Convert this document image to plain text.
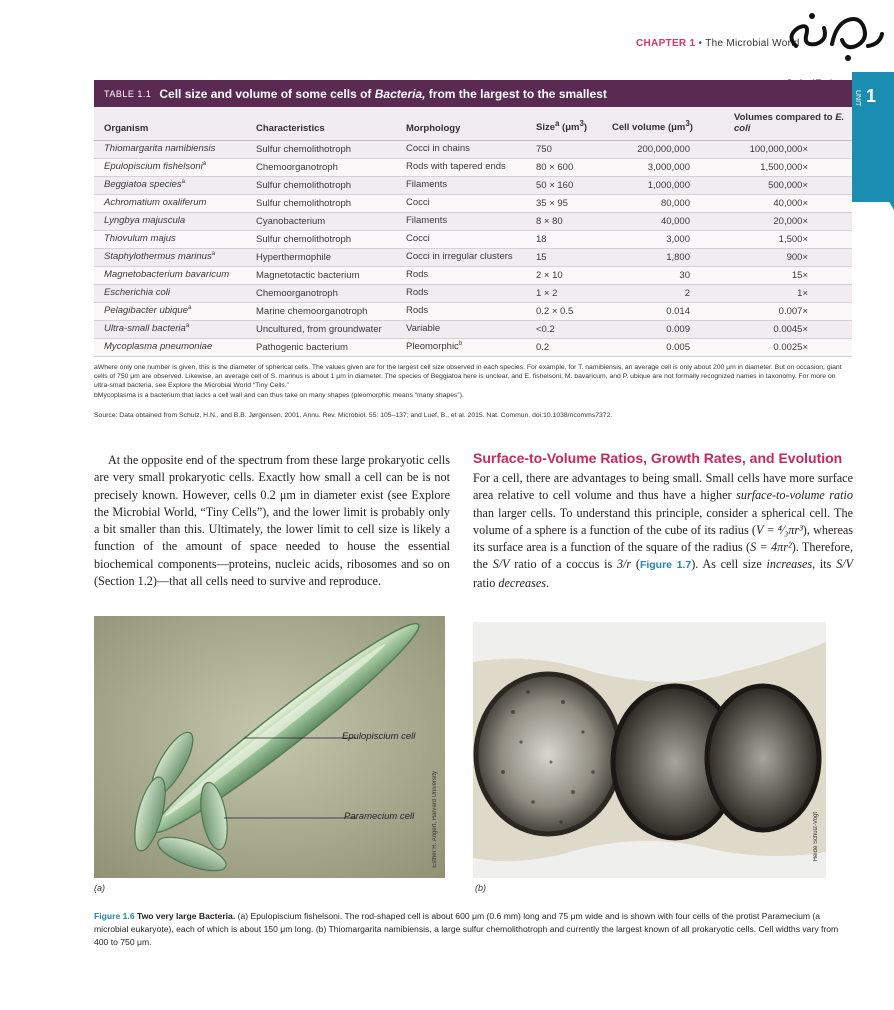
CHAPTER 1 • The Microbial World
UNIT 1
TABLE 1.1 Cell size and volume of some cells of Bacteria, from the largest to the smallest
Organism	Characteristics	Morphology	Size$^a$ $(\mu m^3)$	Cell volume $(\mu m^3)$	Volumes compared to E. coli
Thiomargarita namibiensis	Sulfur chemolithotroph	Cocci in chains	750	200,000,000	100,000,000×
Epulopiscium fishelsoni$^a$	Chemoorganotroph	Rods with tapered ends	80 × 600	3,000,000	1,500,000×
Beggiatoa species$^a$	Sulfur chemolithotroph	Filaments	50 × 160	1,000,000	500,000×
Achromatium oxaliferum	Sulfur chemolithotroph	Cocci	35 × 95	80,000	40,000×
Lyngbya majuscula	Cyanobacterium	Filaments	8 × 80	40,000	20,000×
Thiovulum majus	Sulfur chemolithotroph	Cocci	18	3,000	1,500×
Staphylothermus marinus$^a$	Hyperthermophile	Cocci in irregular clusters	15	1,800	900×
Magnetobacterium bavaricum	Magnetotactic bacterium	Rods	2 × 10	30	15×
Escherichia coli	Chemoorganotroph	Rods	1 × 2	2	1×
Pelagibacter ubique$^a$	Marine chemoorganotroph	Rods	0.2 × 0.5	0.014	0.007×
Ultra-small bacteria$^a$	Uncultured, from groundwater	Variable	<0.2	0.009	0.0045×
Mycoplasma pneumoniae	Pathogenic bacterium	Pleomorphic$^b$	0.2	0.005	0.0025×
aWhere only one number is given, this is the diameter of spherical cells. The values given are for the largest cell size observed in each species. For example, for T. namibiensis, an average cell is only about 200 μm in diameter. But on occasion, giant cells of 750 μm are observed. Likewise, an average cell of S. marinus is about 1 μm in diameter. The species of Beggiatoa here is unclear, and E. fishelsoni, M. bavaricum, and P. ubique are not formally recognized names in taxonomy. For more on ultra-small bacteria, see Explore the Microbial World “Tiny Cells.”
bMycoplasma is a bacterium that lacks a cell wall and can thus take on many shapes (pleomorphic means “many shapes”).
Source: Data obtained from Schulz, H.N., and B.B. Jørgensen. 2001. Annu. Rev. Microbiol. 55: 105–137; and Luef, B., et al. 2015. Nat. Commun. doi:10.1038/ncomms7372.

At the opposite end of the spectrum from these large prokaryotic cells are very small prokaryotic cells. Exactly how small a cell can be is not precisely known. However, cells 0.2 μm in diameter exist (see Explore the Microbial World, “Tiny Cells”), and the lower limit is probably only a bit smaller than this. Ultimately, the lower limit to cell size is likely a function of the amount of space needed to house the essential biochemical components—proteins, nucleic acids, ribosomes and so on (Section 1.2)—that all cells need to survive and reproduce.

Surface-to-Volume Ratios, Growth Rates, and Evolution

For a cell, there are advantages to being small. Small cells have more surface area relative to cell volume and thus have a higher surface-to-volume ratio than larger cells. To understand this principle, consider a spherical cell. The volume of a sphere is a function of the cube of its radius (V = ⁴⁄₃πr³), whereas its surface area is a function of the square of the radius (S = 4πr²). Therefore, the S/V ratio of a coccus is 3/r (Figure 1.7). As cell size increases, its S/V ratio decreases.

Epulopiscium cell
Paramecium cell	Esther R. Angert, Harvard University
(a)
Heide Schulz-Vogt
(b)
Figure 1.6 Two very large Bacteria. (a) Epulopiscium fishelsoni. The rod-shaped cell is about 600 μm (0.6 mm) long and 75 μm wide and is shown with four cells of the protist Paramecium (a microbial eukaryote), each of which is about 150 μm long. (b) Thiomargarita namibiensis, a large sulfur chemolithotroph and currently the largest known of all prokaryotic cells. Cell widths vary from 400 to 750 μm.
